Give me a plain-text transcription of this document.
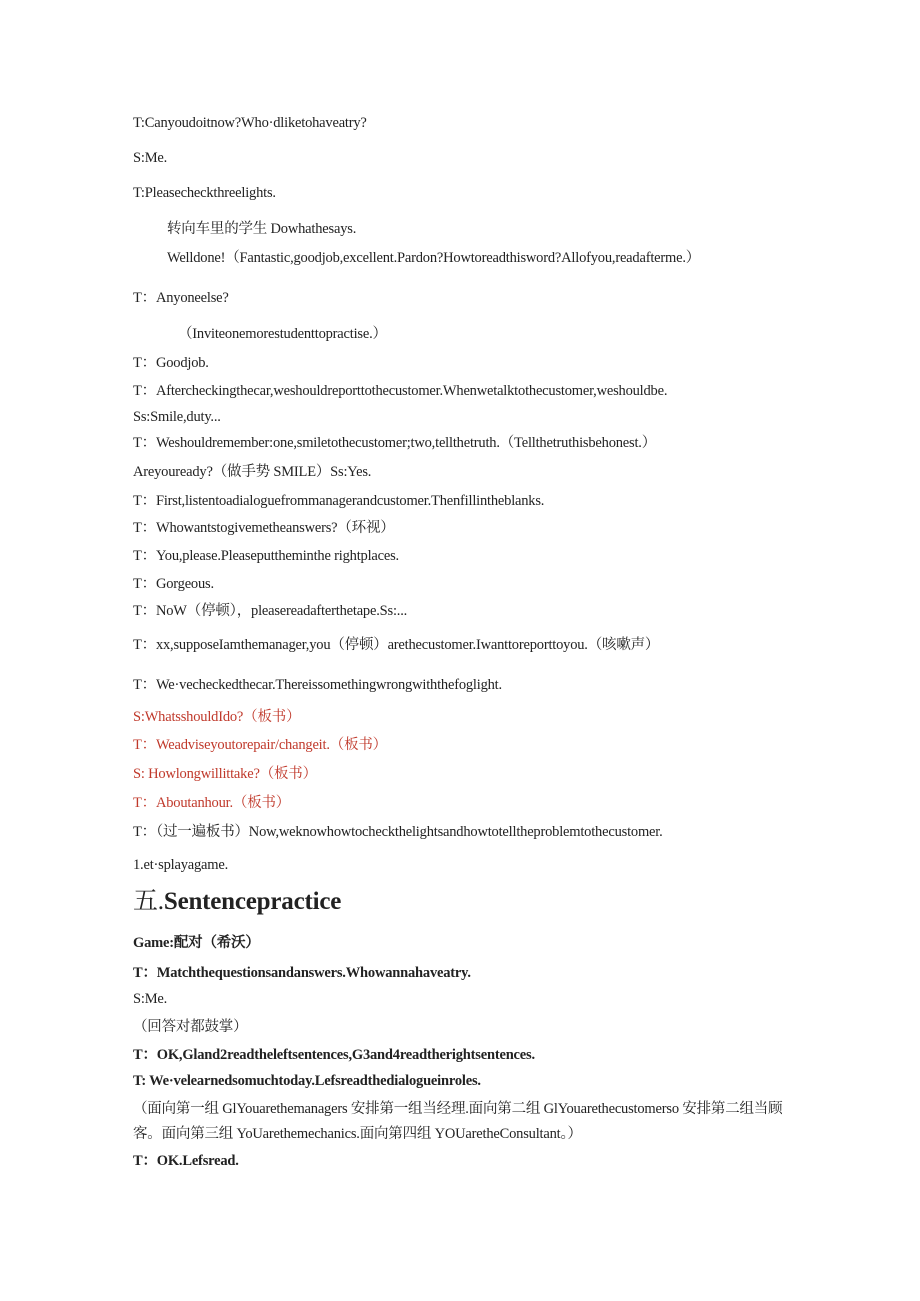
T:Canyoudoitnow?Who·dliketohaveatry?
S:Me.
T:Pleasecheckthreelights.
转向车里的学生 Dowhathesays.
Welldone!（Fantastic,goodjob,excellent.Pardon?Howtoreadthisword?Allofyou,readafterme.）
T：Anyoneelse?
（Inviteonemorestudenttopractise.）
T：Goodjob.
T：Aftercheckingthecar,weshouldreporttothecustomer.Whenwetalktothecustomer,weshouldbe.
Ss:Smile,duty...
T：Weshouldremember:one,smiletothecustomer;two,tellthetruth.（Tellthetruthisbehonest.）
Areyouready?（做手势 SMILE）Ss:Yes.
T：First,listentoadialoguefrommanagerandcustomer.Thenfillintheblanks.
T：Whowantstogivemetheanswers?（环视）
T：You,please.Pleaseputtheminthe rightplaces.
T：Gorgeous.
T：NoW（停顿），pleasereadafterthetape.Ss:...
T：xx,supposeIamthemanager,you（停顿）arethecustomer.Iwanttoreporttoyou.（咳嗽声）
T：We·vecheckedthecar.Thereissomethingwrongwiththefoglight.
S:WhatsshouldIdo?（板书）
T：Weadviseyoutorepair/changeit.（板书）
S: Howlongwillittake?（板书）
T：Aboutanhour.（板书）
T：（过一遍板书）Now,weknowhowtocheckthelightsandhowtotelltheproblemtothecustomer.
1.et·splayagame.
五.Sentencepractice
Game:配对（希沃）
T：Matchthequestionsandanswers.Whowannahaveatry.
S:Me.
（回答对都鼓掌）
T：OK,Gland2readtheleftsentences,G3and4readtherightsentences.
T: We·velearnedsomuchtoday.Lefsreadthedialogueinroles.
（面向第一组 GlYouarethemanagers 安排第一组当经理.面向第二组 GlYouarethecustomerso 安排第二组当顾客。面向第三组 YoUarethemechanics.面向第四组 YOUaretheConsultant。）
T：OK.Lefsread.
